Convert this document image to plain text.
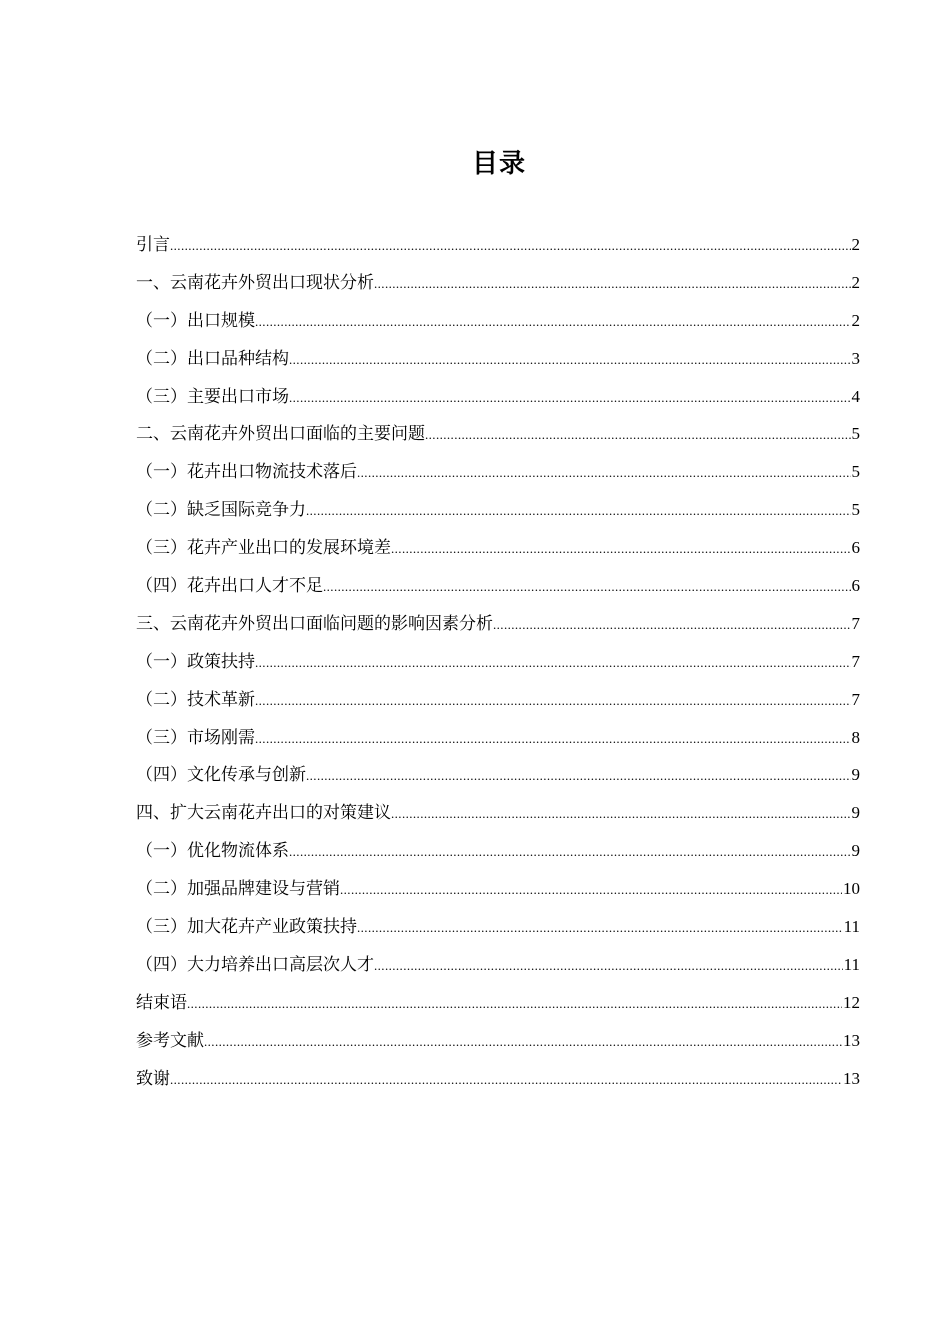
目录
引言 .....	2
一、云南花卉外贸出口现状分析 .....	2
（一）出口规模 .....	2
（二）出口品种结构 .....	3
（三）主要出口市场 .....	4
二、云南花卉外贸出口面临的主要问题 .....	5
（一）花卉出口物流技术落后 .....	5
（二）缺乏国际竞争力 .....	5
（三）花卉产业出口的发展环境差 .....	6
（四）花卉出口人才不足 .....	6
三、云南花卉外贸出口面临问题的影响因素分析 .....	7
（一）政策扶持 .....	7
（二）技术革新 .....	7
（三）市场刚需 .....	8
（四）文化传承与创新 .....	9
四、扩大云南花卉出口的对策建议 .....	9
（一）优化物流体系 .....	9
（二）加强品牌建设与营销 .....	10
（三）加大花卉产业政策扶持 .....	11
（四）大力培养出口高层次人才 .....	11
结束语 .....	12
参考文献 .....	13
致谢 .....	13
